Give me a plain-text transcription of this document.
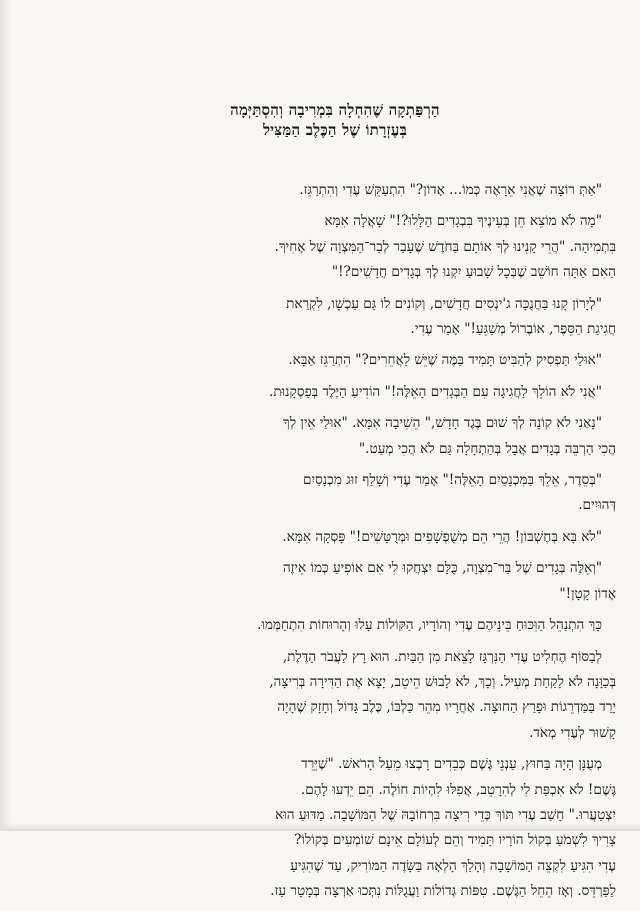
הַרְפַּתְקָה שֶׁהִחְלָה בִּמְרִיבָה וְהִסְתַּיְּמָה
בְּעֶזְרָתוֹ שֶׁל הַכֶּלֶב הַמַּצִּיל
"אַתְּ רוֹצָה שֶׁאֲנִי אֵרָאֶה כְּמוֹ... אָדוֹן?" הִתְעַקֵּשׁ עֶדִי וְהִתְרַגֵּז.
"מָה לֹא מוֹצֵא חֵן בְּעֵינֶיךָ בִּבְגָדִים הַלָּלוּ?!" שָׁאֲלָה אִמָּא
בִּתְמִיהָה. "הֲרֵי קָנִינוּ לְךָ אוֹתָם בַּחֹדֶשׁ שֶׁעָבַר לְבַר־הַמִּצְוָה שֶׁל אָחִיךָ.
הַאִם אַתָּה חוֹשֵׁב שֶׁבְּכָל שָׁבוּעַ יִקְנוּ לְךָ בְּגָדִים חֲדָשִׁים?!"
"לְיָרוֹן קָנוּ בַּחֲנֻכָּה ג'ינְסִים חֲדָשִׁים, וְקוֹנִים לוֹ גַּם עַכְשָׁו, לִקְרַאת
חֲגִיגַת הַסֵּפֶר, אוֹבֶרוֹל מְשַׁגֵּעַ!" אָמַר עֶדִי.
"אוּלַי תַּפְסִיק לְהַבִּיט תָּמִיד בַּמֶּה שֶׁיֵּשׁ לַאֲחֵרִים?" הִתְרַגֵּז אַבָּא.
"אֲנִי לֹא הוֹלֵךְ לַחֲגִיגָה עִם הַבְּגָדִים הָאֵלֶּה!" הוֹדִיעַ הַיֶּלֶד בְּפַסְקָנוּת.
"נָאַנִי לֹא קוֹנָה לְךָ שׁוּם בֶּגֶד חָדָשׁ," הֵשִׁיבָה אִמָּא. "אוּלַי אֵין לְךָ
הֲכִי הַרְבֵּה בְּגָדִים אֲבָל בְּהַתְחָלָה גַּם לֹא הֲכִי מְעַט."
"בְּסֵדֶר, אֵלֵךְ בַּמִּכְנָסַיִם הָאֵלֶּה!" אָמַר עֶדִי וְשָׁלַף זוּג מִכְנָסַיִם
דְּהוּיִים.
"לֹא בָּא בְּחֶשְׁבּוֹן! הֲרֵי הֵם מְשֻׁפְשָׁפִים וּמְרֻטָּשִׁים!" פָּסְקָה אִמָּא.
"וְאֵלֶּה בְּגָדִים שֶׁל בַּר־מִצְוָה, כֻּלָּם יִצְחֲקוּ לִי אִם אוֹפִיעַ כְּמוֹ אֵיזֶה
אָדוֹן קָטָן!"
כָּךְ הִתְנַהֵל הַוִּכּוּחַ בֵּינֵיהֶם עֶדִי וְהוֹרָיו, הַקּוֹלוֹת עָלוּ וְהָרוּחוֹת הִתְחַמְּמוּ.
לְבַסּוֹף הֶחְלִיט עֶדִי הַנִּרְגָּז לָצֵאת מִן הַבַּיִת. הוּא רָץ לַעֲבֹר הַדֶּלֶת,
בְּכַוָּנָה לֹא לָקַחַת מְעִיל. וְכָךְ, לֹא לָבוּשׁ הֵיטֵב, יָצָא אֶת הַדִּירָה בְּרִיצָה,
יָרַד בַּמַּדְרֵגוֹת וּפָרַץ הַחוּצָה. אַחֲרָיו מִהֵר כַּלְבּוֹ, כֶּלֶב גָּדוֹל וְחָזָק שֶׁהָיָה
קָשׁוּר לְעֶדִי מְאֹד.
מְעֻנָּן הָיָה בַּחוּץ, עַנְנֵי גֶּשֶׁם כְּבֵדִים רָבְצוּ מֵעַל הָרֹאשׁ. "שֶׁיֵּרֵד
גֶּשֶׁם! לֹא אִכְפַּת לִי לְהִרָטֵב, אֲפִלּוּ לִהְיוֹת חוֹלֶה. הֵם יֵדְעוּ לָהֶם.
יִצְטַעֲרוּ." חָשַׁב עֶדִי תּוֹךְ כְּדֵי רִיצָה בִּרְחוֹבָהּ שֶׁל הַמּוֹשָׁבָה. מַדּוּעַ הוּא
צָרִיךְ לִשְׁמֹעַ בְּקוֹל הוֹרָיו תָּמִיד וְהֵם לְעוֹלָם אֵינָם שׁוֹמְעִים בְּקוֹלוֹ?
עֶדִי הִגִּיעַ לִקְצֵה הַמּוֹשָׁבָה וְהָלַךְ הָלְאָה בַּשָּׂדֶה הַמּוֹרִיק, עַד שֶׁהִגִּיעַ
לַפַּרְדֵּס. וְאָז הֵחֵל הַגֶּשֶׁם. טִפּוֹת גְּדוֹלוֹת וַעֲגֻלּוֹת נִתְּכוּ אַרְצָה בְּמָטָר עַז.
